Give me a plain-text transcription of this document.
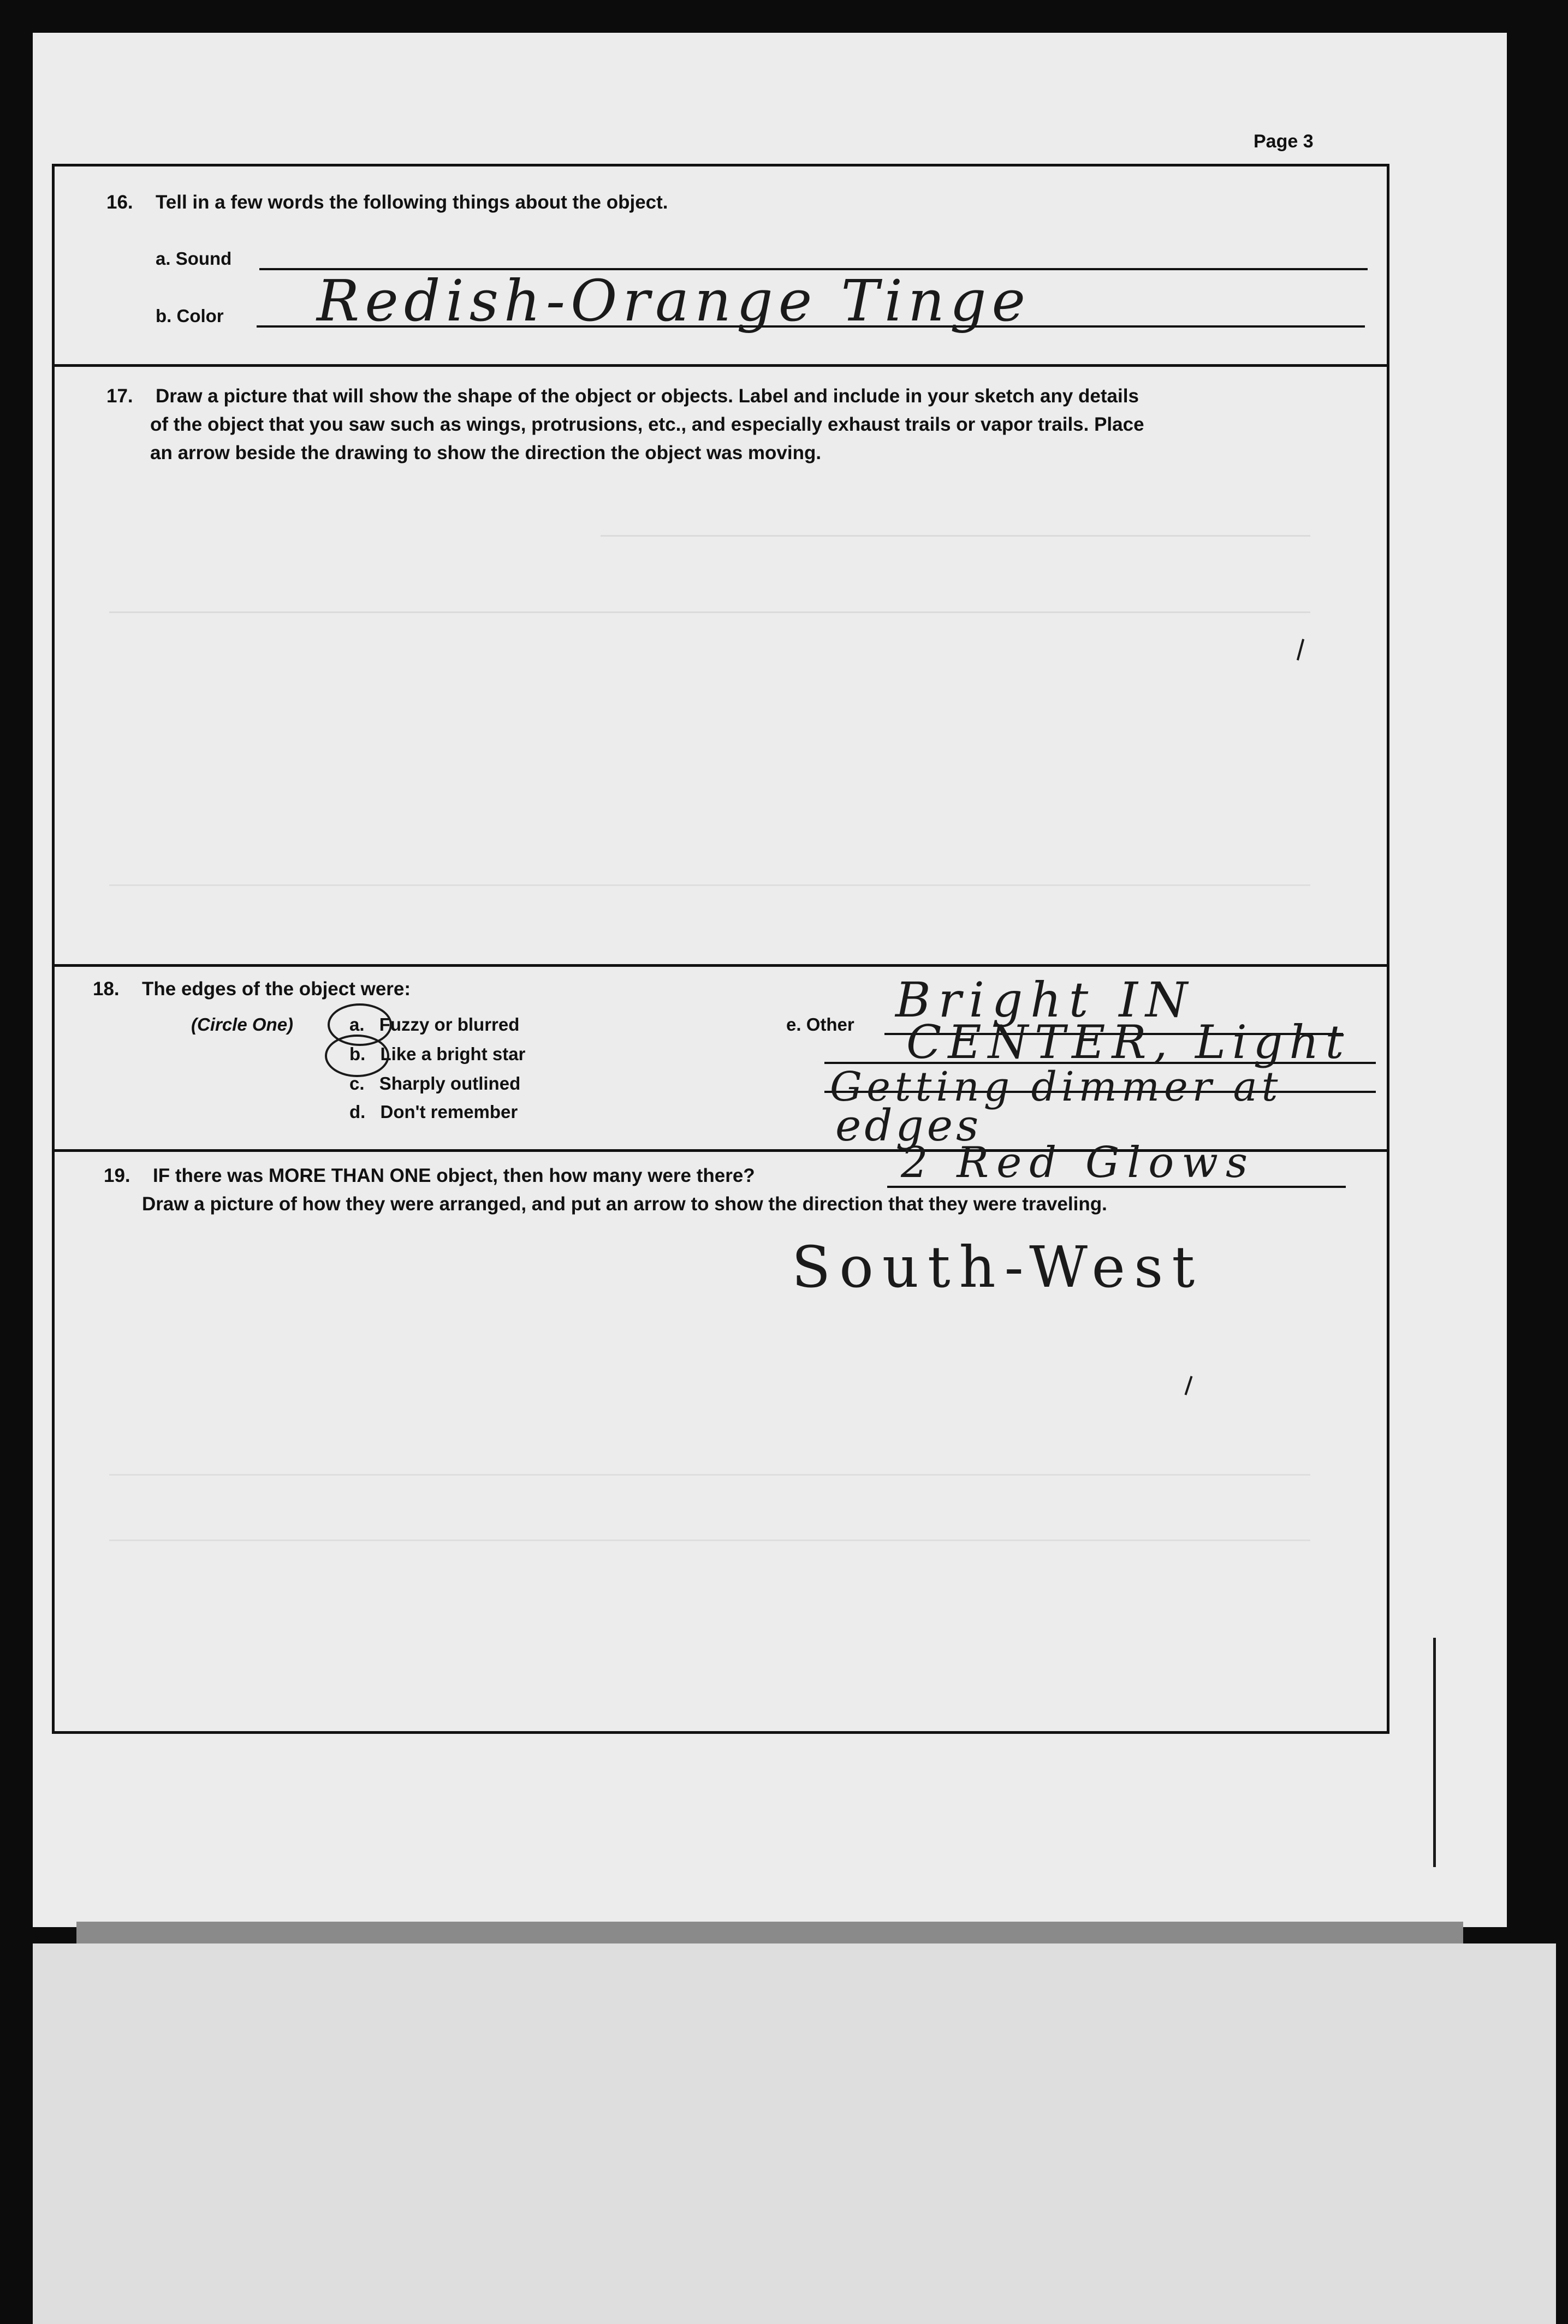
Page 3
16. Tell in a few words the following things about the object.
a. Sound
b. Color Redish-Orange Tinge
17. Draw a picture that will show the shape of the object or objects. Label and include in your sketch any details
of the object that you saw such as wings, protrusions, etc., and especially exhaust trails or vapor trails. Place
an arrow beside the drawing to show the direction the object was moving.
18. The edges of the object were:
(Circle One)	a. Fuzzy or blurred
b. Like a bright star
c. Sharply outlined
d. Don't remember
e. Other Bright IN
CENTER, Light
Getting dimmer at
edges
19. IF there was MORE THAN ONE object, then how many were there?
Draw a picture of how they were arranged, and put an arrow to show the direction that they were traveling.
2 Red Glows
South-West
